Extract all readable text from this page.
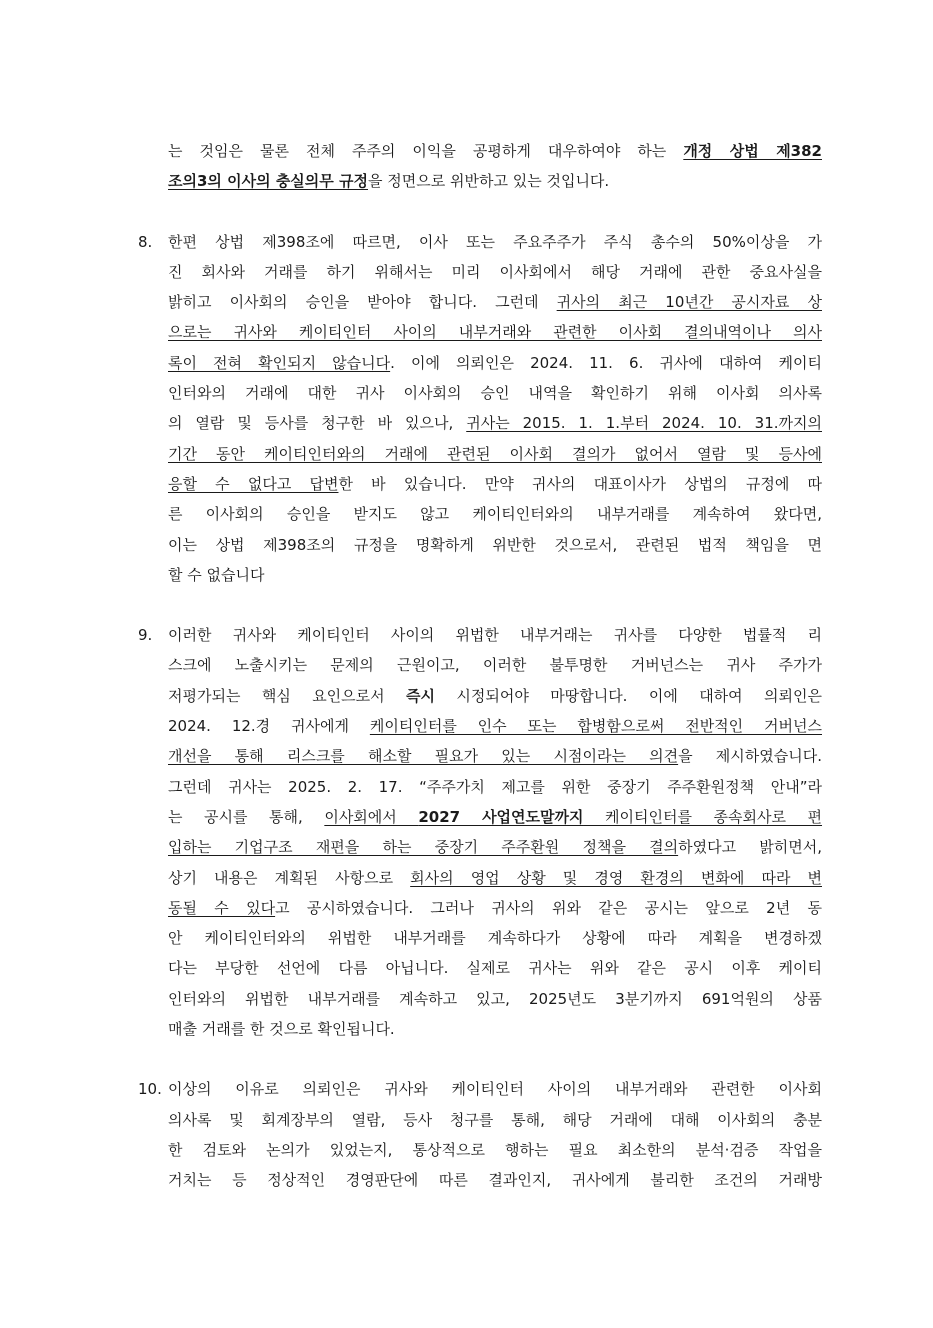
는 것임은 물론 전체 주주의 이익을 공평하게 대우하여야 하는 개정 상법 제382
조의3의 이사의 충실의무 규정을 정면으로 위반하고 있는 것입니다.
8. 한편 상법 제398조에 따르면, 이사 또는 주요주주가 주식 총수의 50%이상을 가
진 회사와 거래를 하기 위해서는 미리 이사회에서 해당 거래에 관한 중요사실을
밝히고 이사회의 승인을 받아야 합니다. 그런데 귀사의 최근 10년간 공시자료 상
으로는 귀사와 케이티인터 사이의 내부거래와 관련한 이사회 결의내역이나 의사
록이 전혀 확인되지 않습니다. 이에 의뢰인은 2024. 11. 6. 귀사에 대하여 케이티
인터와의 거래에 대한 귀사 이사회의 승인 내역을 확인하기 위해 이사회 의사록
의 열람 및 등사를 청구한 바 있으나, 귀사는 2015. 1. 1.부터 2024. 10. 31.까지의
기간 동안 케이티인터와의 거래에 관련된 이사회 결의가 없어서 열람 및 등사에
응할 수 없다고 답변한 바 있습니다. 만약 귀사의 대표이사가 상법의 규정에 따
른 이사회의 승인을 받지도 않고 케이티인터와의 내부거래를 계속하여 왔다면,
이는 상법 제398조의 규정을 명확하게 위반한 것으로서, 관련된 법적 책임을 면
할 수 없습니다
9. 이러한 귀사와 케이티인터 사이의 위법한 내부거래는 귀사를 다양한 법률적 리
스크에 노출시키는 문제의 근원이고, 이러한 불투명한 거버넌스는 귀사 주가가
저평가되는 핵심 요인으로서 즉시 시정되어야 마땅합니다. 이에 대하여 의뢰인은
2024. 12.경 귀사에게 케이티인터를 인수 또는 합병함으로써 전반적인 거버넌스
개선을 통해 리스크를 해소할 필요가 있는 시점이라는 의견을 제시하였습니다.
그런데 귀사는 2025. 2. 17. “주주가치 제고를 위한 중장기 주주환원정책 안내”라
는 공시를 통해, 이사회에서 2027 사업연도말까지 케이티인터를 종속회사로 편
입하는 기업구조 재편을 하는 중장기 주주환원 정책을 결의하였다고 밝히면서,
상기 내용은 계획된 사항으로 회사의 영업 상황 및 경영 환경의 변화에 따라 변
동될 수 있다고 공시하였습니다. 그러나 귀사의 위와 같은 공시는 앞으로 2년 동
안 케이티인터와의 위법한 내부거래를 계속하다가 상황에 따라 계획을 변경하겠
다는 부당한 선언에 다름 아닙니다. 실제로 귀사는 위와 같은 공시 이후 케이티
인터와의 위법한 내부거래를 계속하고 있고, 2025년도 3분기까지 691억원의 상품
매출 거래를 한 것으로 확인됩니다.
10. 이상의 이유로 의뢰인은 귀사와 케이티인터 사이의 내부거래와 관련한 이사회
의사록 및 회계장부의 열람, 등사 청구를 통해, 해당 거래에 대해 이사회의 충분
한 검토와 논의가 있었는지, 통상적으로 행하는 필요 최소한의 분석·검증 작업을
거치는 등 정상적인 경영판단에 따른 결과인지, 귀사에게 불리한 조건의 거래방
